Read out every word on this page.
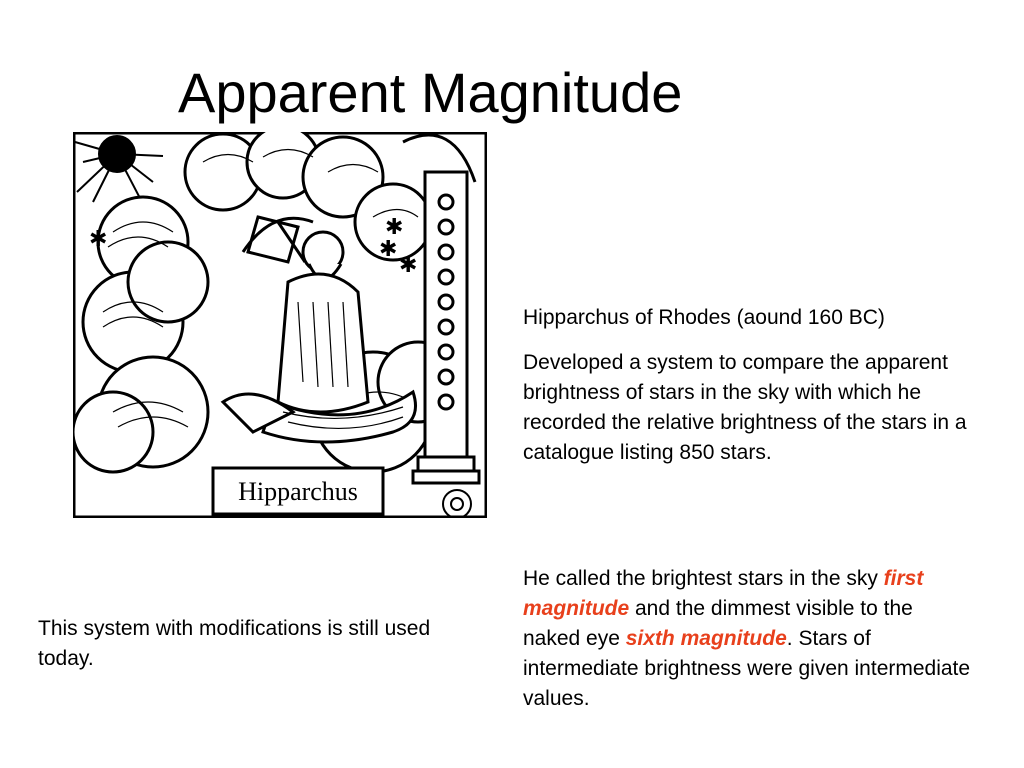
Apparent Magnitude
✱	✱
✱
✱
Hipparchus

Hipparchus of Rhodes (aound 160 BC)

Developed a system to compare the apparent brightness of stars in the sky with which he recorded the relative brightness of the stars in a catalogue listing 850 stars.

He called the brightest stars in the sky first magnitude and the dimmest visible to the naked eye sixth magnitude. Stars of intermediate brightness were given intermediate values.

This system with modifications is still used today.
